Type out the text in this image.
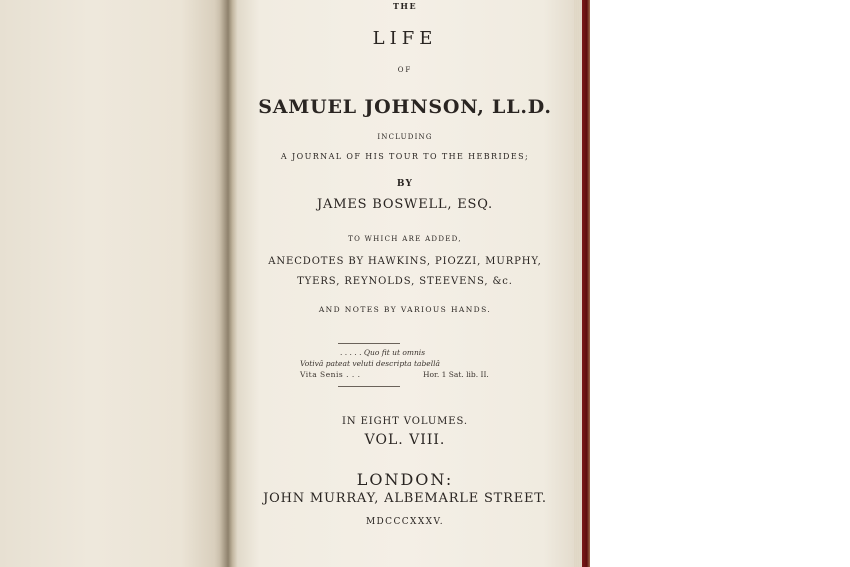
THE
LIFE
OF
SAMUEL JOHNSON, LL.D.
INCLUDING
A JOURNAL OF HIS TOUR TO THE HEBRIDES;
BY
JAMES BOSWELL, ESQ.
TO WHICH ARE ADDED,
ANECDOTES BY HAWKINS, PIOZZI, MURPHY,
TYERS, REYNOLDS, STEEVENS, &c.
AND NOTES BY VARIOUS HANDS.
. . . . . Quo fit ut omnis
Votivâ pateat veluti descripta tabellâ
Vita Senis . . .	Hor. 1 Sat. lib. II.
IN EIGHT VOLUMES.
VOL. VIII.
LONDON:
JOHN MURRAY, ALBEMARLE STREET.
MDCCCXXXV.
